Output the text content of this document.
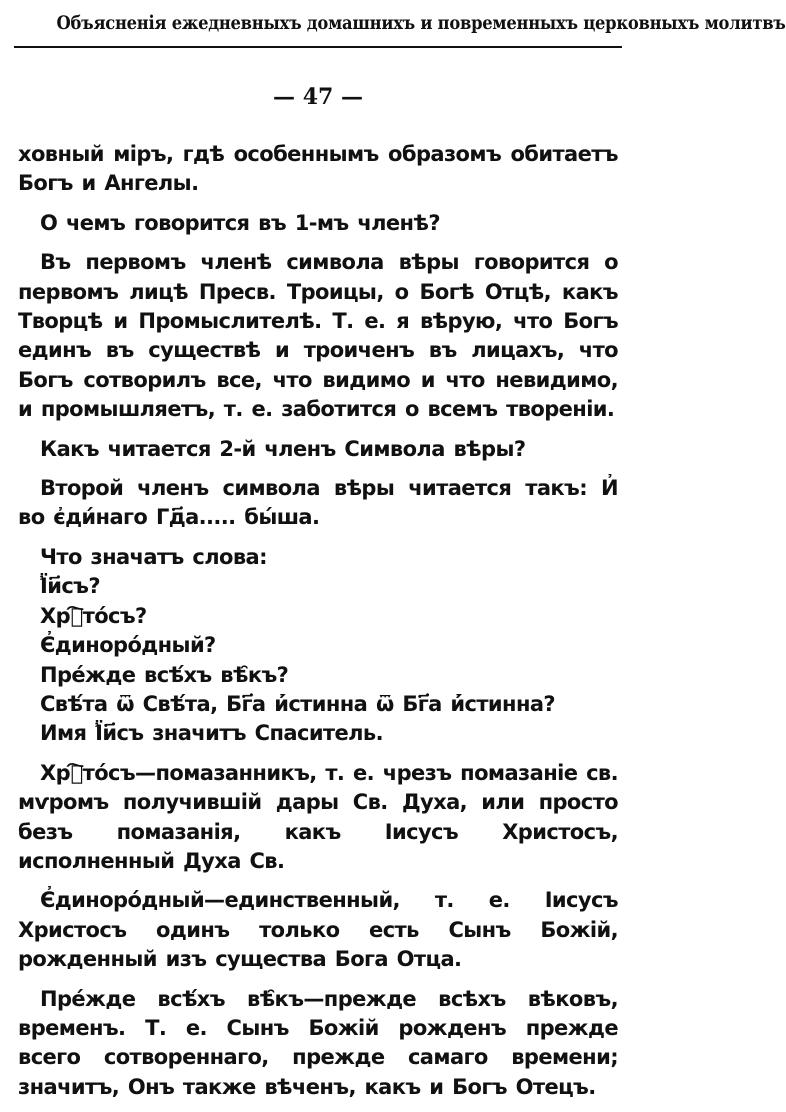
Объясненія ежедневныхъ домашнихъ и повременныхъ церковныхъ молитвъ
— 47 —

ховный міръ, гдѣ особеннымъ образомъ обитаетъ Богъ и Ангелы.

О чемъ говорится въ 1-мъ членѣ?

Въ первомъ членѣ символа вѣры говорится о первомъ лицѣ Пресв. Троицы, о Богѣ Отцѣ, какъ Творцѣ и Промыслителѣ. Т. е. я вѣрую, что Богъ единъ въ существѣ и троиченъ въ лицахъ, что Богъ сотворилъ все, что видимо и что невидимо, и промышляетъ, т. е. заботится о всемъ твореніи.

Какъ читается 2-й членъ Символа вѣры?

Второй членъ символа вѣры читается такъ: И҆ во є҆ди́наго Гд҃а..... бы́ша.

Что значатъ слова:

Ї҆и҃съ?

Хрⷭ҇то́съ?

Є҆диноро́дный?

Пре́жде всѣ́хъ вѣ̑къ?

Свѣ́та ѿ Свѣ́та, Бг҃а и҆́стинна ѿ Бг҃а и҆́стинна?

Имя Ї҆и҃съ значитъ Спаситель.

Хрⷭ҇то́съ—помазанникъ, т. е. чрезъ помазаніе св. мѵромъ получившій дары Св. Духа, или просто безъ помазанія, какъ Іисусъ Христосъ, исполненный Духа Св.

Є҆диноро́дный—единственный, т. е. Іисусъ Христосъ одинъ только есть Сынъ Божій, рожденный изъ существа Бога Отца.

Пре́жде всѣ́хъ вѣ̑къ—прежде всѣхъ вѣковъ, временъ. Т. е. Сынъ Божій рожденъ прежде всего сотвореннаго, прежде самаго времени; значитъ, Онъ также вѣченъ, какъ и Богъ Отецъ.
